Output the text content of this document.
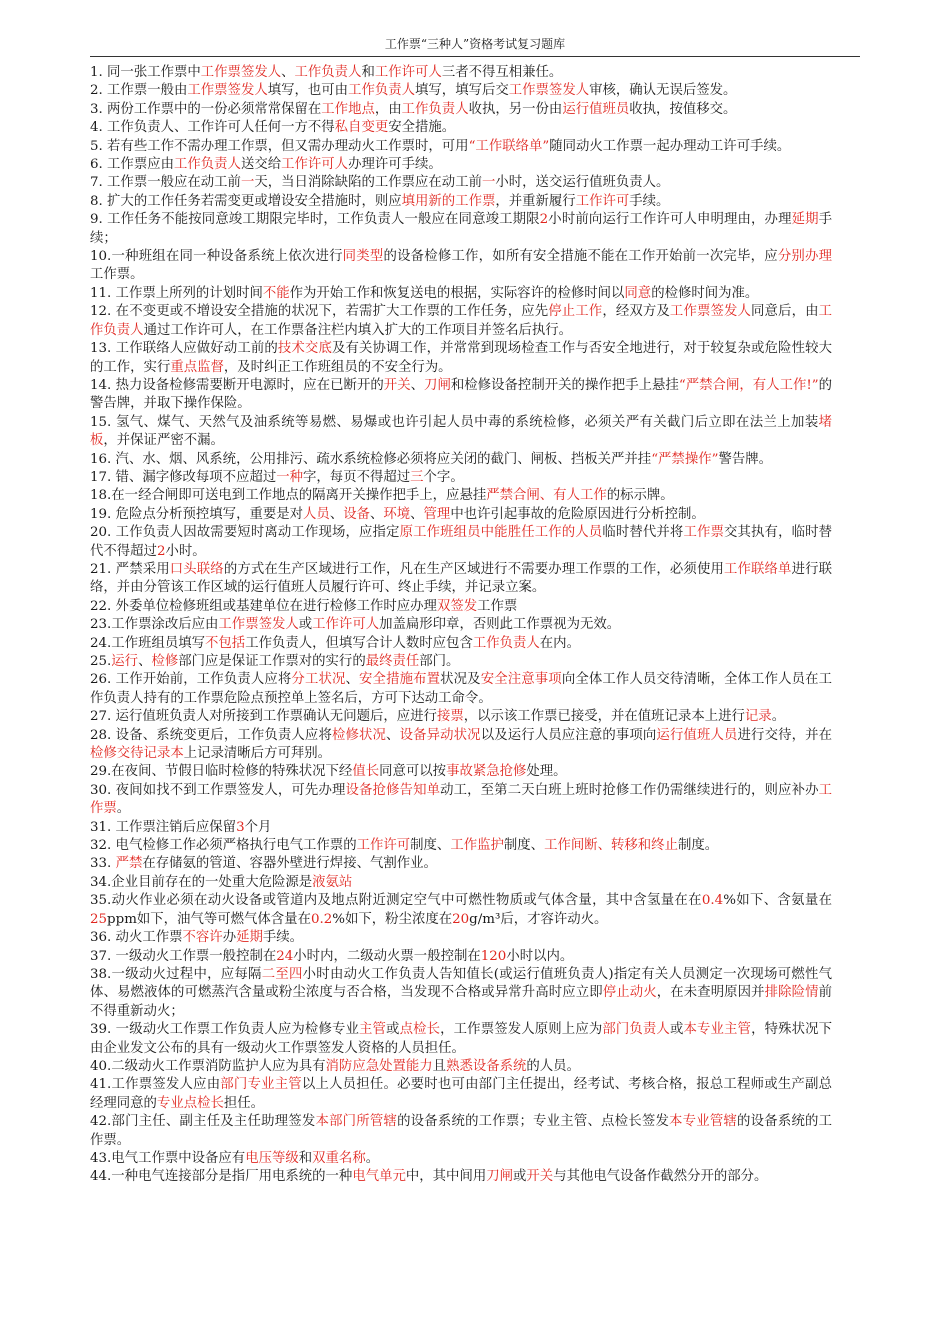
工作票“三种人”资格考试复习题库

1. 同一张工作票中工作票签发人、工作负责人和工作许可人三者不得互相兼任。

2. 工作票一般由工作票签发人填写，也可由工作负责人填写，填写后交工作票签发人审核，确认无误后签发。

3. 两份工作票中的一份必须常常保留在工作地点，由工作负责人收执，另一份由运行值班员收执，按值移交。

4. 工作负责人、工作许可人任何一方不得私自变更安全措施。

5. 若有些工作不需办理工作票，但又需办理动火工作票时，可用“工作联络单”随同动火工作票一起办理动工许可手续。

6. 工作票应由工作负责人送交给工作许可人办理许可手续。

7. 工作票一般应在动工前一天，当日消除缺陷的工作票应在动工前一小时，送交运行值班负责人。

8. 扩大的工作任务若需变更或增设安全措施时，则应填用新的工作票，并重新履行工作许可手续。

9. 工作任务不能按同意竣工期限完毕时，工作负责人一般应在同意竣工期限2小时前向运行工作许可人申明理由，办理延期手续；

10.一种班组在同一种设备系统上依次进行同类型的设备检修工作，如所有安全措施不能在工作开始前一次完毕，应分别办理工作票。

11. 工作票上所列的计划时间不能作为开始工作和恢复送电的根据，实际容许的检修时间以同意的检修时间为准。

12. 在不变更或不增设安全措施的状况下，若需扩大工作票的工作任务，应先停止工作，经双方及工作票签发人同意后，由工作负责人通过工作许可人，在工作票备注栏内填入扩大的工作项目并签名后执行。

13. 工作联络人应做好动工前的技术交底及有关协调工作，并常常到现场检查工作与否安全地进行，对于较复杂或危险性较大的工作，实行重点监督，及时纠正工作班组员的不安全行为。

14. 热力设备检修需要断开电源时，应在已断开的开关、刀闸和检修设备控制开关的操作把手上悬挂“严禁合闸，有人工作!”的警告牌，并取下操作保险。

15. 氢气、煤气、天然气及油系统等易燃、易爆或也许引起人员中毒的系统检修，必须关严有关截门后立即在法兰上加装堵板，并保证严密不漏。

16. 汽、水、烟、风系统，公用排污、疏水系统检修必须将应关闭的截门、闸板、挡板关严并挂“严禁操作”警告牌。

17. 错、漏字修改每项不应超过一种字，每页不得超过三个字。

18.在一经合闸即可送电到工作地点的隔离开关操作把手上，应悬挂严禁合闸、有人工作的标示牌。

19. 危险点分析预控填写，重要是对人员、设备、环境、管理中也许引起事故的危险原因进行分析控制。

20. 工作负责人因故需要短时离动工作现场，应指定原工作班组员中能胜任工作的人员临时替代并将工作票交其执有，临时替代不得超过2小时。

21. 严禁采用口头联络的方式在生产区域进行工作，凡在生产区域进行不需要办理工作票的工作，必须使用工作联络单进行联络，并由分管该工作区域的运行值班人员履行许可、终止手续，并记录立案。

22. 外委单位检修班组或基建单位在进行检修工作时应办理双签发工作票

23.工作票涂改后应由工作票签发人或工作许可人加盖扁形印章，否则此工作票视为无效。

24.工作班组员填写不包括工作负责人，但填写合计人数时应包含工作负责人在内。

25.运行、检修部门应是保证工作票对的实行的最终责任部门。

26. 工作开始前，工作负责人应将分工状况、安全措施布置状况及安全注意事项向全体工作人员交待清晰，全体工作人员在工作负责人持有的工作票危险点预控单上签名后，方可下达动工命令。

27. 运行值班负责人对所接到工作票确认无问题后，应进行接票，以示该工作票已接受，并在值班记录本上进行记录。

28. 设备、系统变更后，工作负责人应将检修状况、设备异动状况以及运行人员应注意的事项向运行值班人员进行交待，并在检修交待记录本上记录清晰后方可拜别。

29.在夜间、节假日临时检修的特殊状况下经值长同意可以按事故紧急抢修处理。

30. 夜间如找不到工作票签发人，可先办理设备抢修告知单动工，至第二天白班上班时抢修工作仍需继续进行的，则应补办工作票。

31. 工作票注销后应保留3个月

32. 电气检修工作必须严格执行电气工作票的工作许可制度、工作监护制度、工作间断、转移和终止制度。

33. 严禁在存储氨的管道、容器外壁进行焊接、气割作业。

34.企业目前存在的一处重大危险源是液氨站

35.动火作业必须在动火设备或管道内及地点附近测定空气中可燃性物质或气体含量，其中含氢量在在0.4%如下、含氨量在25ppm如下，油气等可燃气体含量在0.2%如下，粉尘浓度在20g/m³后，才容许动火。

36. 动火工作票不容许办延期手续。

37. 一级动火工作票一般控制在24小时内，二级动火票一般控制在120小时以内。

38.一级动火过程中，应每隔二至四小时由动火工作负责人告知值长(或运行值班负责人)指定有关人员测定一次现场可燃性气体、易燃液体的可燃蒸汽含量或粉尘浓度与否合格，当发现不合格或异常升高时应立即停止动火，在未查明原因并排除险情前不得重新动火；

39. 一级动火工作票工作负责人应为检修专业主管或点检长，工作票签发人原则上应为部门负责人或本专业主管，特殊状况下由企业发文公布的具有一级动火工作票签发人资格的人员担任。

40.二级动火工作票消防监护人应为具有消防应急处置能力且熟悉设备系统的人员。

41.工作票签发人应由部门专业主管以上人员担任。必要时也可由部门主任提出，经考试、考核合格，报总工程师或生产副总经理同意的专业点检长担任。

42.部门主任、副主任及主任助理签发本部门所管辖的设备系统的工作票；专业主管、点检长签发本专业管辖的设备系统的工作票。

43.电气工作票中设备应有电压等级和双重名称。

44.一种电气连接部分是指厂用电系统的一种电气单元中，其中间用刀闸或开关与其他电气设备作截然分开的部分。
